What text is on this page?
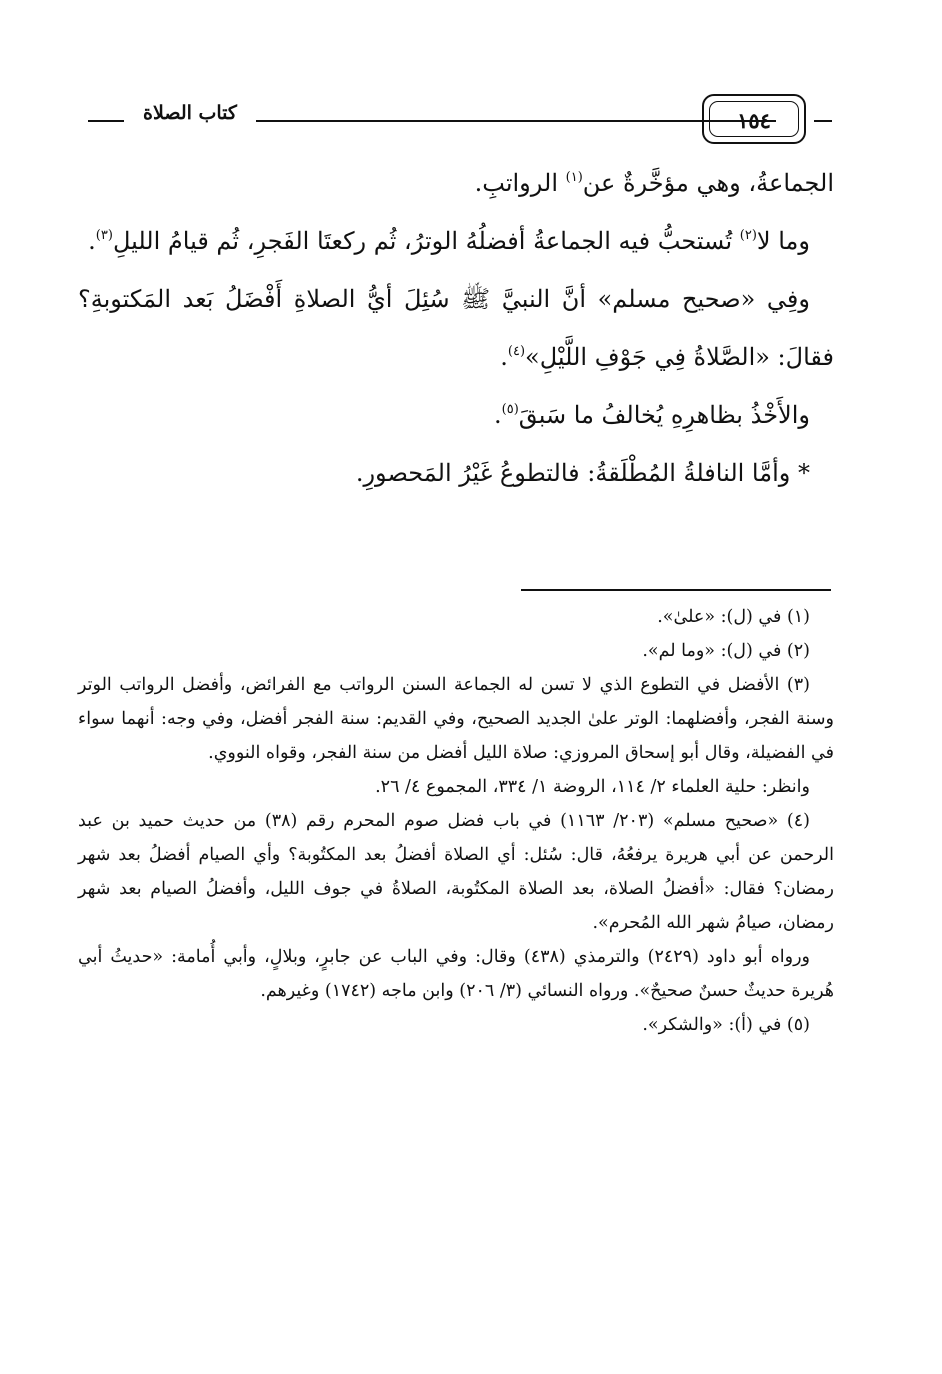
كتاب الصلاة	١٥٤

الجماعةُ، وهي مؤخَّرةٌ عن$^{(١)}$ الرواتبِ.

وما لا$^{(٢)}$ تُستحبُّ فيه الجماعةُ أفضلُهُ الوترُ، ثُم ركعتَا الفَجرِ، ثُم قيامُ الليلِ$^{(٣)}$.

وفِي «صحيح مسلم» أنَّ النبيَّ ﷺ سُئِلَ أيُّ الصلاةِ أَفْضَلُ بَعد المَكتوبةِ؟ فقالَ: «الصَّلاةُ فِي جَوْفِ اللَّيْلِ»$^{(٤)}$.

والأَخْذُ بظاهرِهِ يُخالفُ ما سَبقَ$^{(٥)}$.

* وأمَّا النافلةُ المُطْلَقةُ: فالتطوعُ غَيْرُ المَحصورِ.

(١) في (ل): «علىٰ».

(٢) في (ل): «وما لم».

(٣) الأفضل في التطوع الذي لا تسن له الجماعة السنن الرواتب مع الفرائض، وأفضل الرواتب الوتر وسنة الفجر، وأفضلهما: الوتر علىٰ الجديد الصحيح، وفي القديم: سنة الفجر أفضل، وفي وجه: أنهما سواء في الفضيلة، وقال أبو إسحاق المروزي: صلاة الليل أفضل من سنة الفجر، وقواه النووي.

وانظر: حلية العلماء ٢/ ١١٤، الروضة ١/ ٣٣٤، المجموع ٤/ ٢٦.

(٤) «صحيح مسلم» (٢٠٣/ ١١٦٣) في باب فضل صوم المحرم رقم (٣٨) من حديث حميد بن عبد الرحمن عن أبي هريرة يرفعُهُ، قال: سُئل: أي الصلاة أفضلُ بعد المكتُوبة؟ وأي الصيام أفضلُ بعد شهر رمضان؟ فقال: «أفضلُ الصلاة، بعد الصلاة المكتُوبة، الصلاةُ في جوف الليل، وأفضلُ الصيام بعد شهر رمضان، صيامُ شهر الله المُحرم».

ورواه أبو داود (٢٤٢٩) والترمذي (٤٣٨) وقال: وفي الباب عن جابرٍ، وبلالٍ، وأبي أُمامة: «حديثُ أبي هُريرة حديثٌ حسنٌ صحيحٌ». ورواه النسائي (٣/ ٢٠٦) وابن ماجه (١٧٤٢) وغيرهم.

(٥) في (أ): «والشكر».
